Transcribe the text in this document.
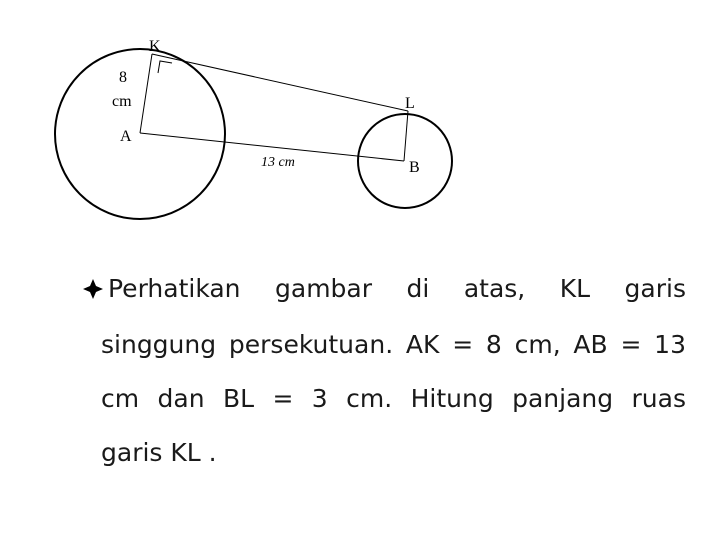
K
L
A
B
8
cm
13 cm
Perhatikan gambar di atas, KL garis
singgung persekutuan. AK = 8 cm, AB = 13
cm dan BL = 3 cm. Hitung panjang ruas
garis KL .
